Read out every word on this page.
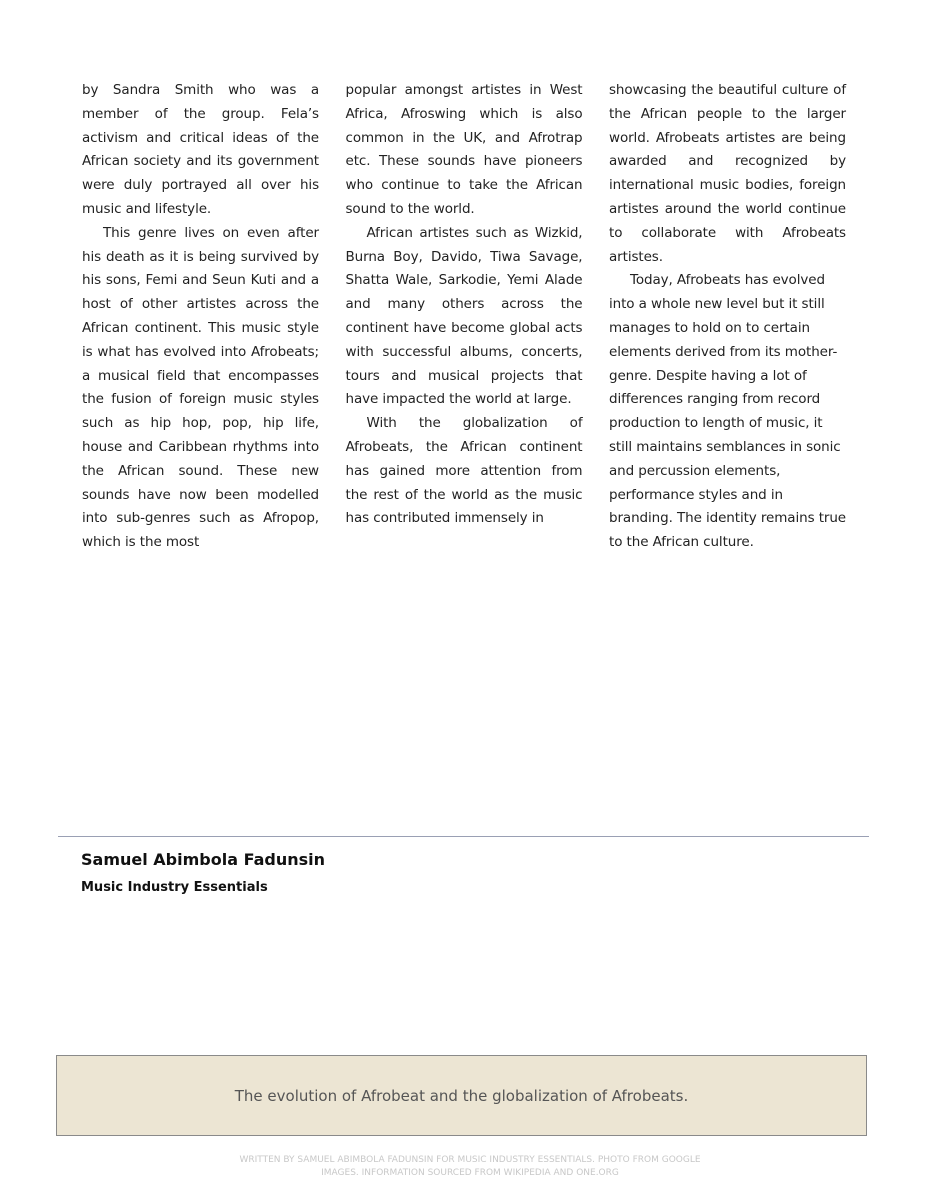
by Sandra Smith who was a member of the group. Fela’s activism and critical ideas of the African society and its government were duly portrayed all over his music and lifestyle.

This genre lives on even after his death as it is being survived by his sons, Femi and Seun Kuti and a host of other artistes across the African continent. This music style is what has evolved into Afrobeats; a musical field that encompasses the fusion of foreign music styles such as hip hop, pop, hip life, house and Caribbean rhythms into the African sound. These new sounds have now been modelled into sub-genres such as Afropop, which is the most

popular amongst artistes in West Africa, Afroswing which is also common in the UK, and Afrotrap etc. These sounds have pioneers who continue to take the African sound to the world.

African artistes such as Wizkid, Burna Boy, Davido, Tiwa Savage, Shatta Wale, Sarkodie, Yemi Alade and many others across the continent have become global acts with successful albums, concerts, tours and musical projects that have impacted the world at large.

With the globalization of Afrobeats, the African continent has gained more attention from the rest of the world as the music has contributed immensely in

showcasing the beautiful culture of the African people to the larger world. Afrobeats artistes are being awarded and recognized by international music bodies, foreign artistes around the world continue to collaborate with Afrobeats artistes.

Today, Afrobeats has evolved into a whole new level but it still manages to hold on to certain elements derived from its mother-genre. Despite having a lot of differences ranging from record production to length of music, it still maintains semblances in sonic and percussion elements, performance styles and in branding. The identity remains true to the African culture.

Samuel Abimbola Fadunsin

Music Industry Essentials

The evolution of Afrobeat and the globalization of Afrobeats.

WRITTEN BY SAMUEL ABIMBOLA FADUNSIN FOR MUSIC INDUSTRY ESSENTIALS. PHOTO FROM GOOGLE
IMAGES. INFORMATION SOURCED FROM WIKIPEDIA AND ONE.ORG
